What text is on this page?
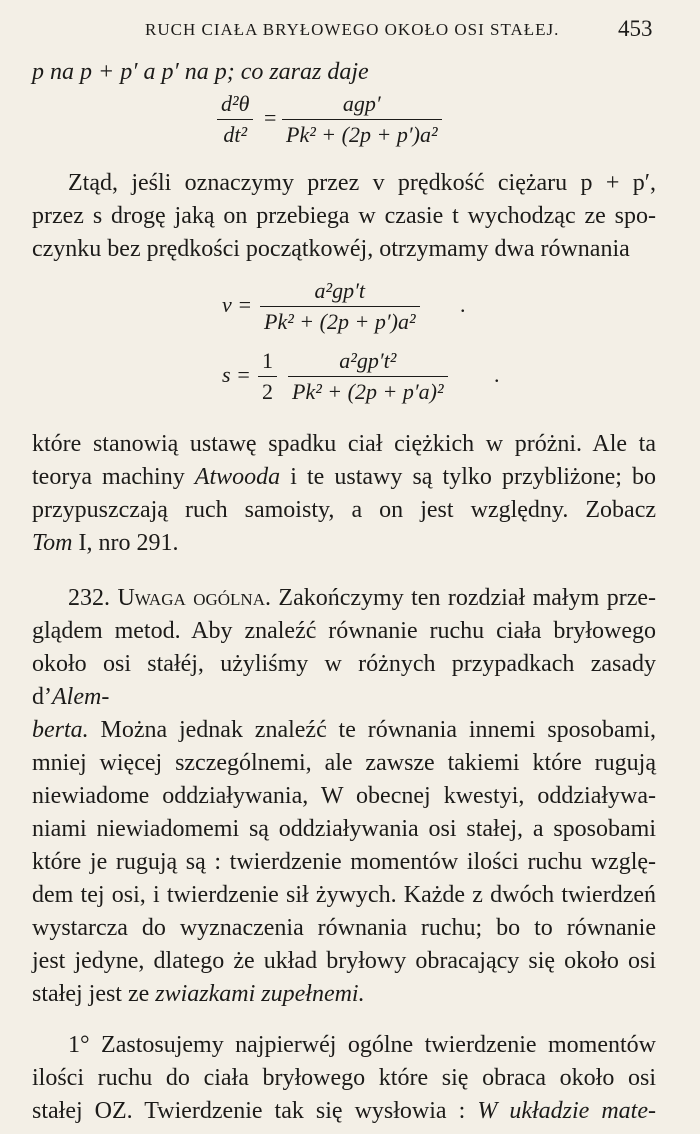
RUCH CIAŁA BRYŁOWEGO OKOŁO OSI STAŁEJ.	453
p na p + p′ a p′ na p; co zaraz daje
$\frac{\text{d²θ}}{\text{dt²}}$ =
agp′
Pk² + (2p + p′)a²
Ztąd, jeśli oznaczymy przez v prędkość ciężaru p + p′,
przez s drogę jaką on przebiega w czasie t wychodząc ze spo-
czynku bez prędkości początkowéj, otrzymamy dwa równania
$v = \frac{\text{a²gp′t}}{\text{Pk² + (2p + p′)a²}}$ .
$s = \frac{1}{2} \frac{\text{a²gp′t²}}{\text{Pk² + (2p + p′a)²}}$ .
które stanowią ustawę spadku ciał ciężkich w próżni. Ale ta
teorya machiny Atwooda i te ustawy są tylko przybliżone; bo
przypuszczają ruch samoisty, a on jest względny. Zobacz
Tom I, nro 291.
232. Uwaga ogólna. Zakończymy ten rozdział małym prze-
glądem metod. Aby znaleźć równanie ruchu ciała bryłowego
około osi stałéj, użyliśmy w różnych przypadkach zasady d’Alem-
berta. Można jednak znaleźć te równania innemi sposobami,
mniej więcej szczególnemi, ale zawsze takiemi które rugują
niewiadome oddziaływania, W obecnej kwestyi, oddziaływa-
niami niewiadomemi są oddziaływania osi stałej, a sposobami
które je rugują są : twierdzenie momentów ilości ruchu wzglę-
dem tej osi, i twierdzenie sił żywych. Każde z dwóch twierdzeń
wystarcza do wyznaczenia równania ruchu; bo to równanie
jest jedyne, dlatego że układ bryłowy obracający się około osi
stałej jest ze zwiazkami zupełnemi.
1° Zastosujemy najpierwéj ogólne twierdzenie momentów
ilości ruchu do ciała bryłowego które się obraca około osi
stałej OZ. Twierdzenie tak się wysłowia : W układzie mate-
